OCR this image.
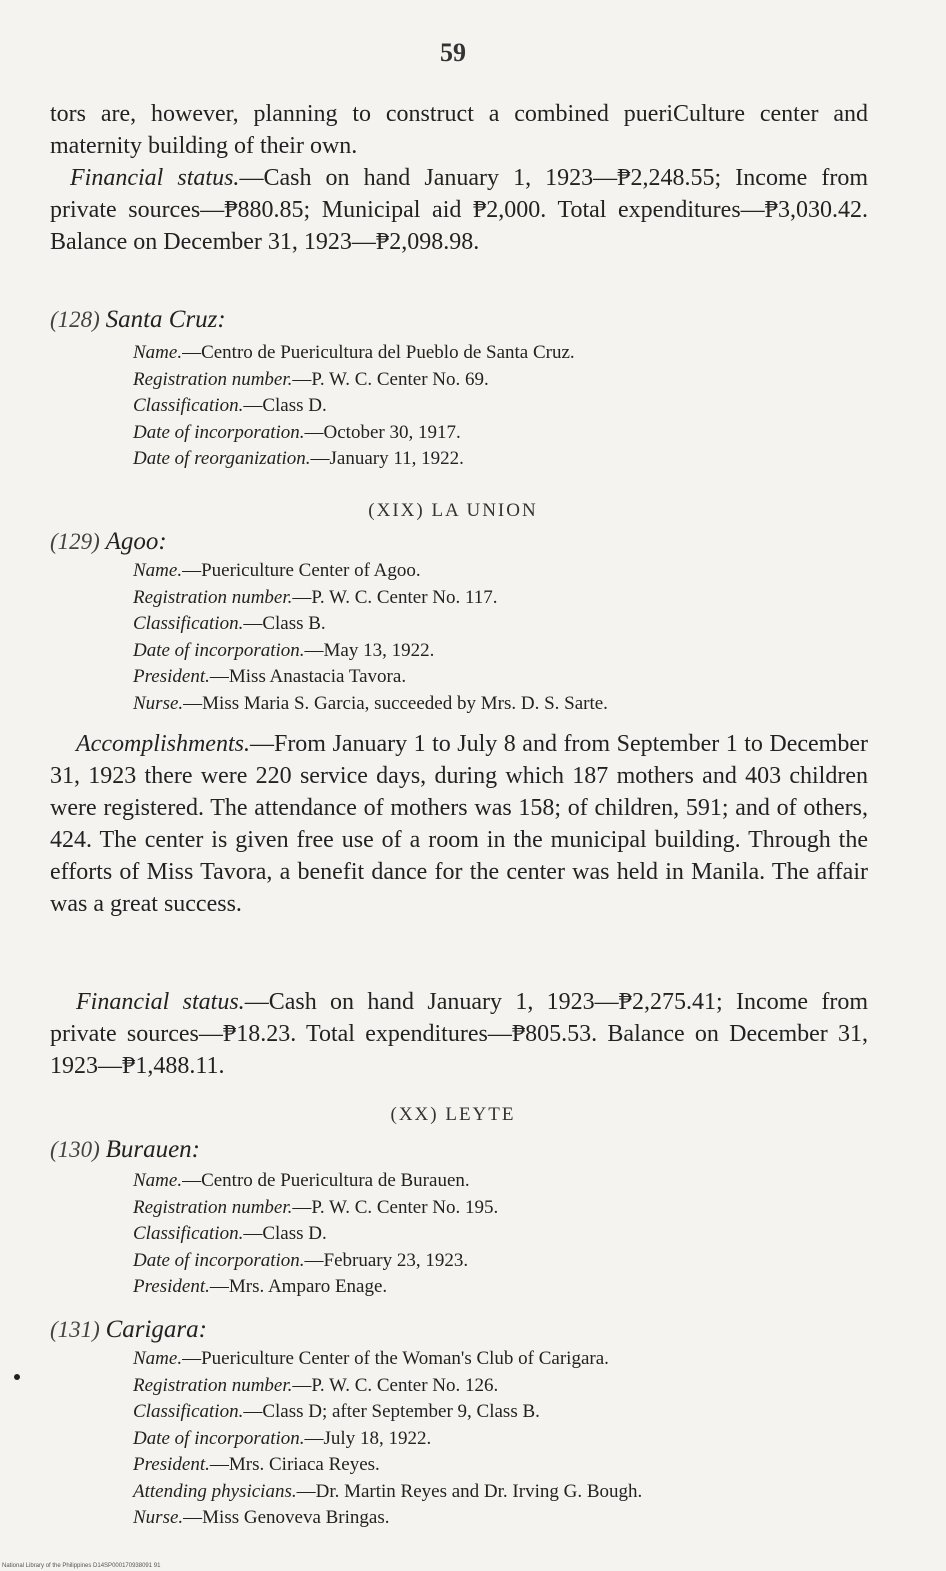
59

tors are, however, planning to construct a combined pueriCulture center and maternity building of their own.

Financial status.—Cash on hand January 1, 1923—₱2,248.55; Income from private sources—₱880.85; Municipal aid ₱2,000. Total expenditures—₱3,030.42. Balance on December 31, 1923—₱2,098.98.

(128) Santa Cruz:
Name.—Centro de Puericultura del Pueblo de Santa Cruz.
Registration number.—P. W. C. Center No. 69.
Classification.—Class D.
Date of incorporation.—October 30, 1917.
Date of reorganization.—January 11, 1922.
(XIX) LA UNION
(129) Agoo:
Name.—Puericulture Center of Agoo.
Registration number.—P. W. C. Center No. 117.
Classification.—Class B.
Date of incorporation.—May 13, 1922.
President.—Miss Anastacia Tavora.
Nurse.—Miss Maria S. Garcia, succeeded by Mrs. D. S. Sarte.

Accomplishments.—From January 1 to July 8 and from September 1 to December 31, 1923 there were 220 service days, during which 187 mothers and 403 children were registered. The attendance of mothers was 158; of children, 591; and of others, 424. The center is given free use of a room in the municipal building. Through the efforts of Miss Tavora, a benefit dance for the center was held in Manila. The affair was a great success.

Financial status.—Cash on hand January 1, 1923—₱2,275.41; Income from private sources—₱18.23. Total expenditures—₱805.53. Balance on December 31, 1923—₱1,488.11.

(XX) LEYTE
(130) Burauen:
Name.—Centro de Puericultura de Burauen.
Registration number.—P. W. C. Center No. 195.
Classification.—Class D.
Date of incorporation.—February 23, 1923.
President.—Mrs. Amparo Enage.
(131) Carigara:
Name.—Puericulture Center of the Woman's Club of Carigara.
Registration number.—P. W. C. Center No. 126.
Classification.—Class D; after September 9, Class B.
Date of incorporation.—July 18, 1922.
President.—Mrs. Ciriaca Reyes.
Attending physicians.—Dr. Martin Reyes and Dr. Irving G. Bough.
Nurse.—Miss Genoveva Bringas.
National Library of the Philippines D14SP000170938091 91
